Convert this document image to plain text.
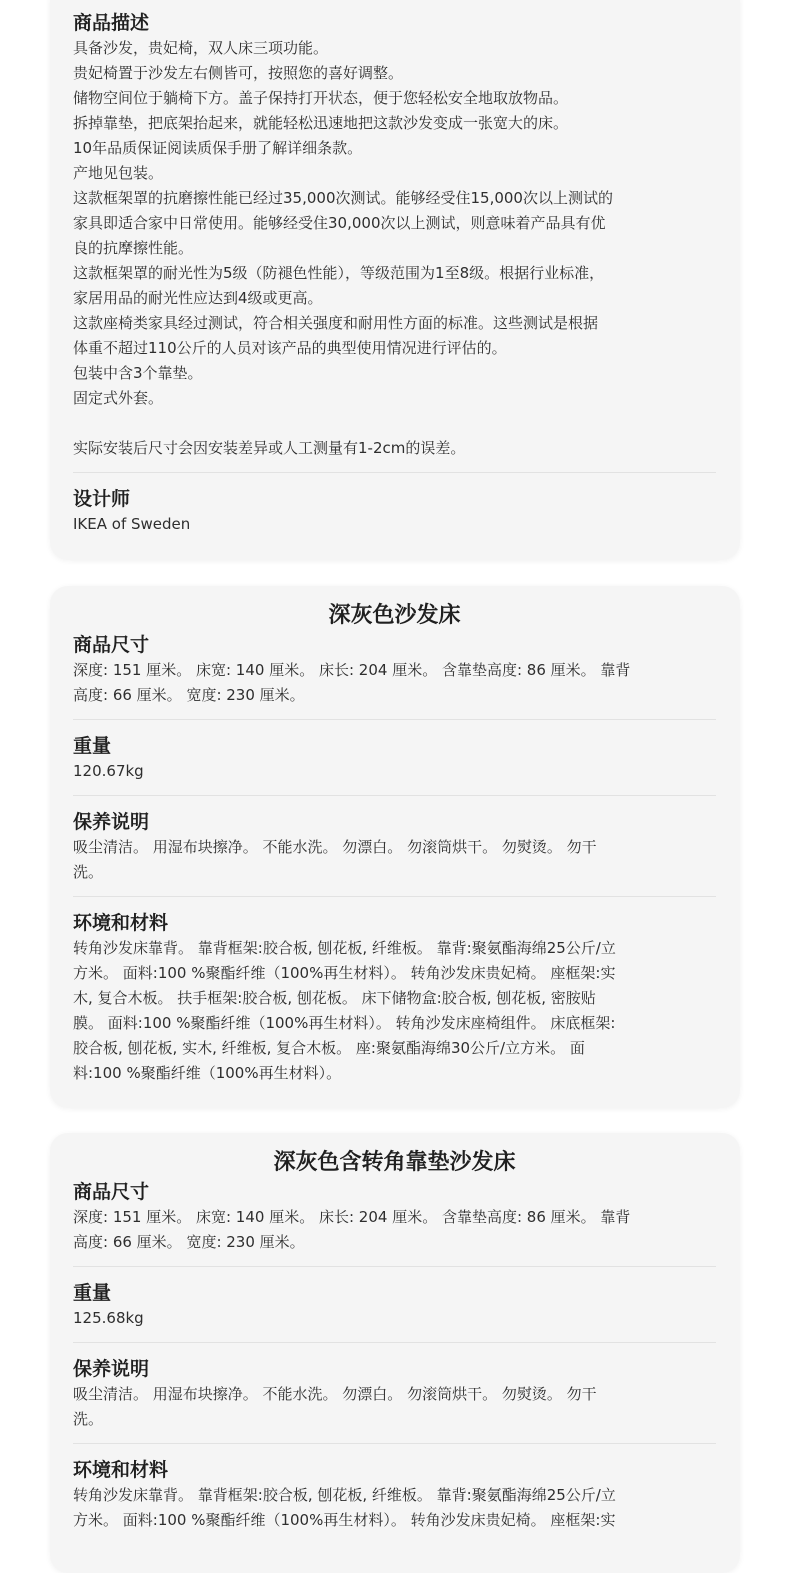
商品描述
具备沙发，贵妃椅，双人床三项功能。
贵妃椅置于沙发左右侧皆可，按照您的喜好调整。
储物空间位于躺椅下方。盖子保持打开状态，便于您轻松安全地取放物品。
拆掉靠垫，把底架抬起来，就能轻松迅速地把这款沙发变成一张宽大的床。
10年品质保证阅读质保手册了解详细条款。
产地见包装。
这款框架罩的抗磨擦性能已经过35,000次测试。能够经受住15,000次以上测试的
家具即适合家中日常使用。能够经受住30,000次以上测试，则意味着产品具有优
良的抗摩擦性能。
这款框架罩的耐光性为5级（防褪色性能），等级范围为1至8级。根据行业标准，
家居用品的耐光性应达到4级或更高。
这款座椅类家具经过测试，符合相关强度和耐用性方面的标准。这些测试是根据
体重不超过110公斤的人员对该产品的典型使用情况进行评估的。
包装中含3个靠垫。
固定式外套。
实际安装后尺寸会因安装差异或人工测量有1-2cm的误差。
设计师
IKEA of Sweden
深灰色沙发床
商品尺寸
深度: 151 厘米。 床宽: 140 厘米。 床长: 204 厘米。 含靠垫高度: 86 厘米。 靠背
高度: 66 厘米。 宽度: 230 厘米。
重量
120.67kg
保养说明
吸尘清洁。 用湿布块擦净。 不能水洗。 勿漂白。 勿滚筒烘干。 勿熨烫。 勿干
洗。
环境和材料
转角沙发床靠背。 靠背框架:胶合板, 刨花板, 纤维板。 靠背:聚氨酯海绵25公斤/立
方米。 面料:100 %聚酯纤维（100%再生材料）。 转角沙发床贵妃椅。 座框架:实
木, 复合木板。 扶手框架:胶合板, 刨花板。 床下储物盒:胶合板, 刨花板, 密胺贴
膜。 面料:100 %聚酯纤维（100%再生材料）。 转角沙发床座椅组件。 床底框架:
胶合板, 刨花板, 实木, 纤维板, 复合木板。 座:聚氨酯海绵30公斤/立方米。 面
料:100 %聚酯纤维（100%再生材料）。
深灰色含转角靠垫沙发床
商品尺寸
深度: 151 厘米。 床宽: 140 厘米。 床长: 204 厘米。 含靠垫高度: 86 厘米。 靠背
高度: 66 厘米。 宽度: 230 厘米。
重量
125.68kg
保养说明
吸尘清洁。 用湿布块擦净。 不能水洗。 勿漂白。 勿滚筒烘干。 勿熨烫。 勿干
洗。
环境和材料
转角沙发床靠背。 靠背框架:胶合板, 刨花板, 纤维板。 靠背:聚氨酯海绵25公斤/立
方米。 面料:100 %聚酯纤维（100%再生材料）。 转角沙发床贵妃椅。 座框架:实
